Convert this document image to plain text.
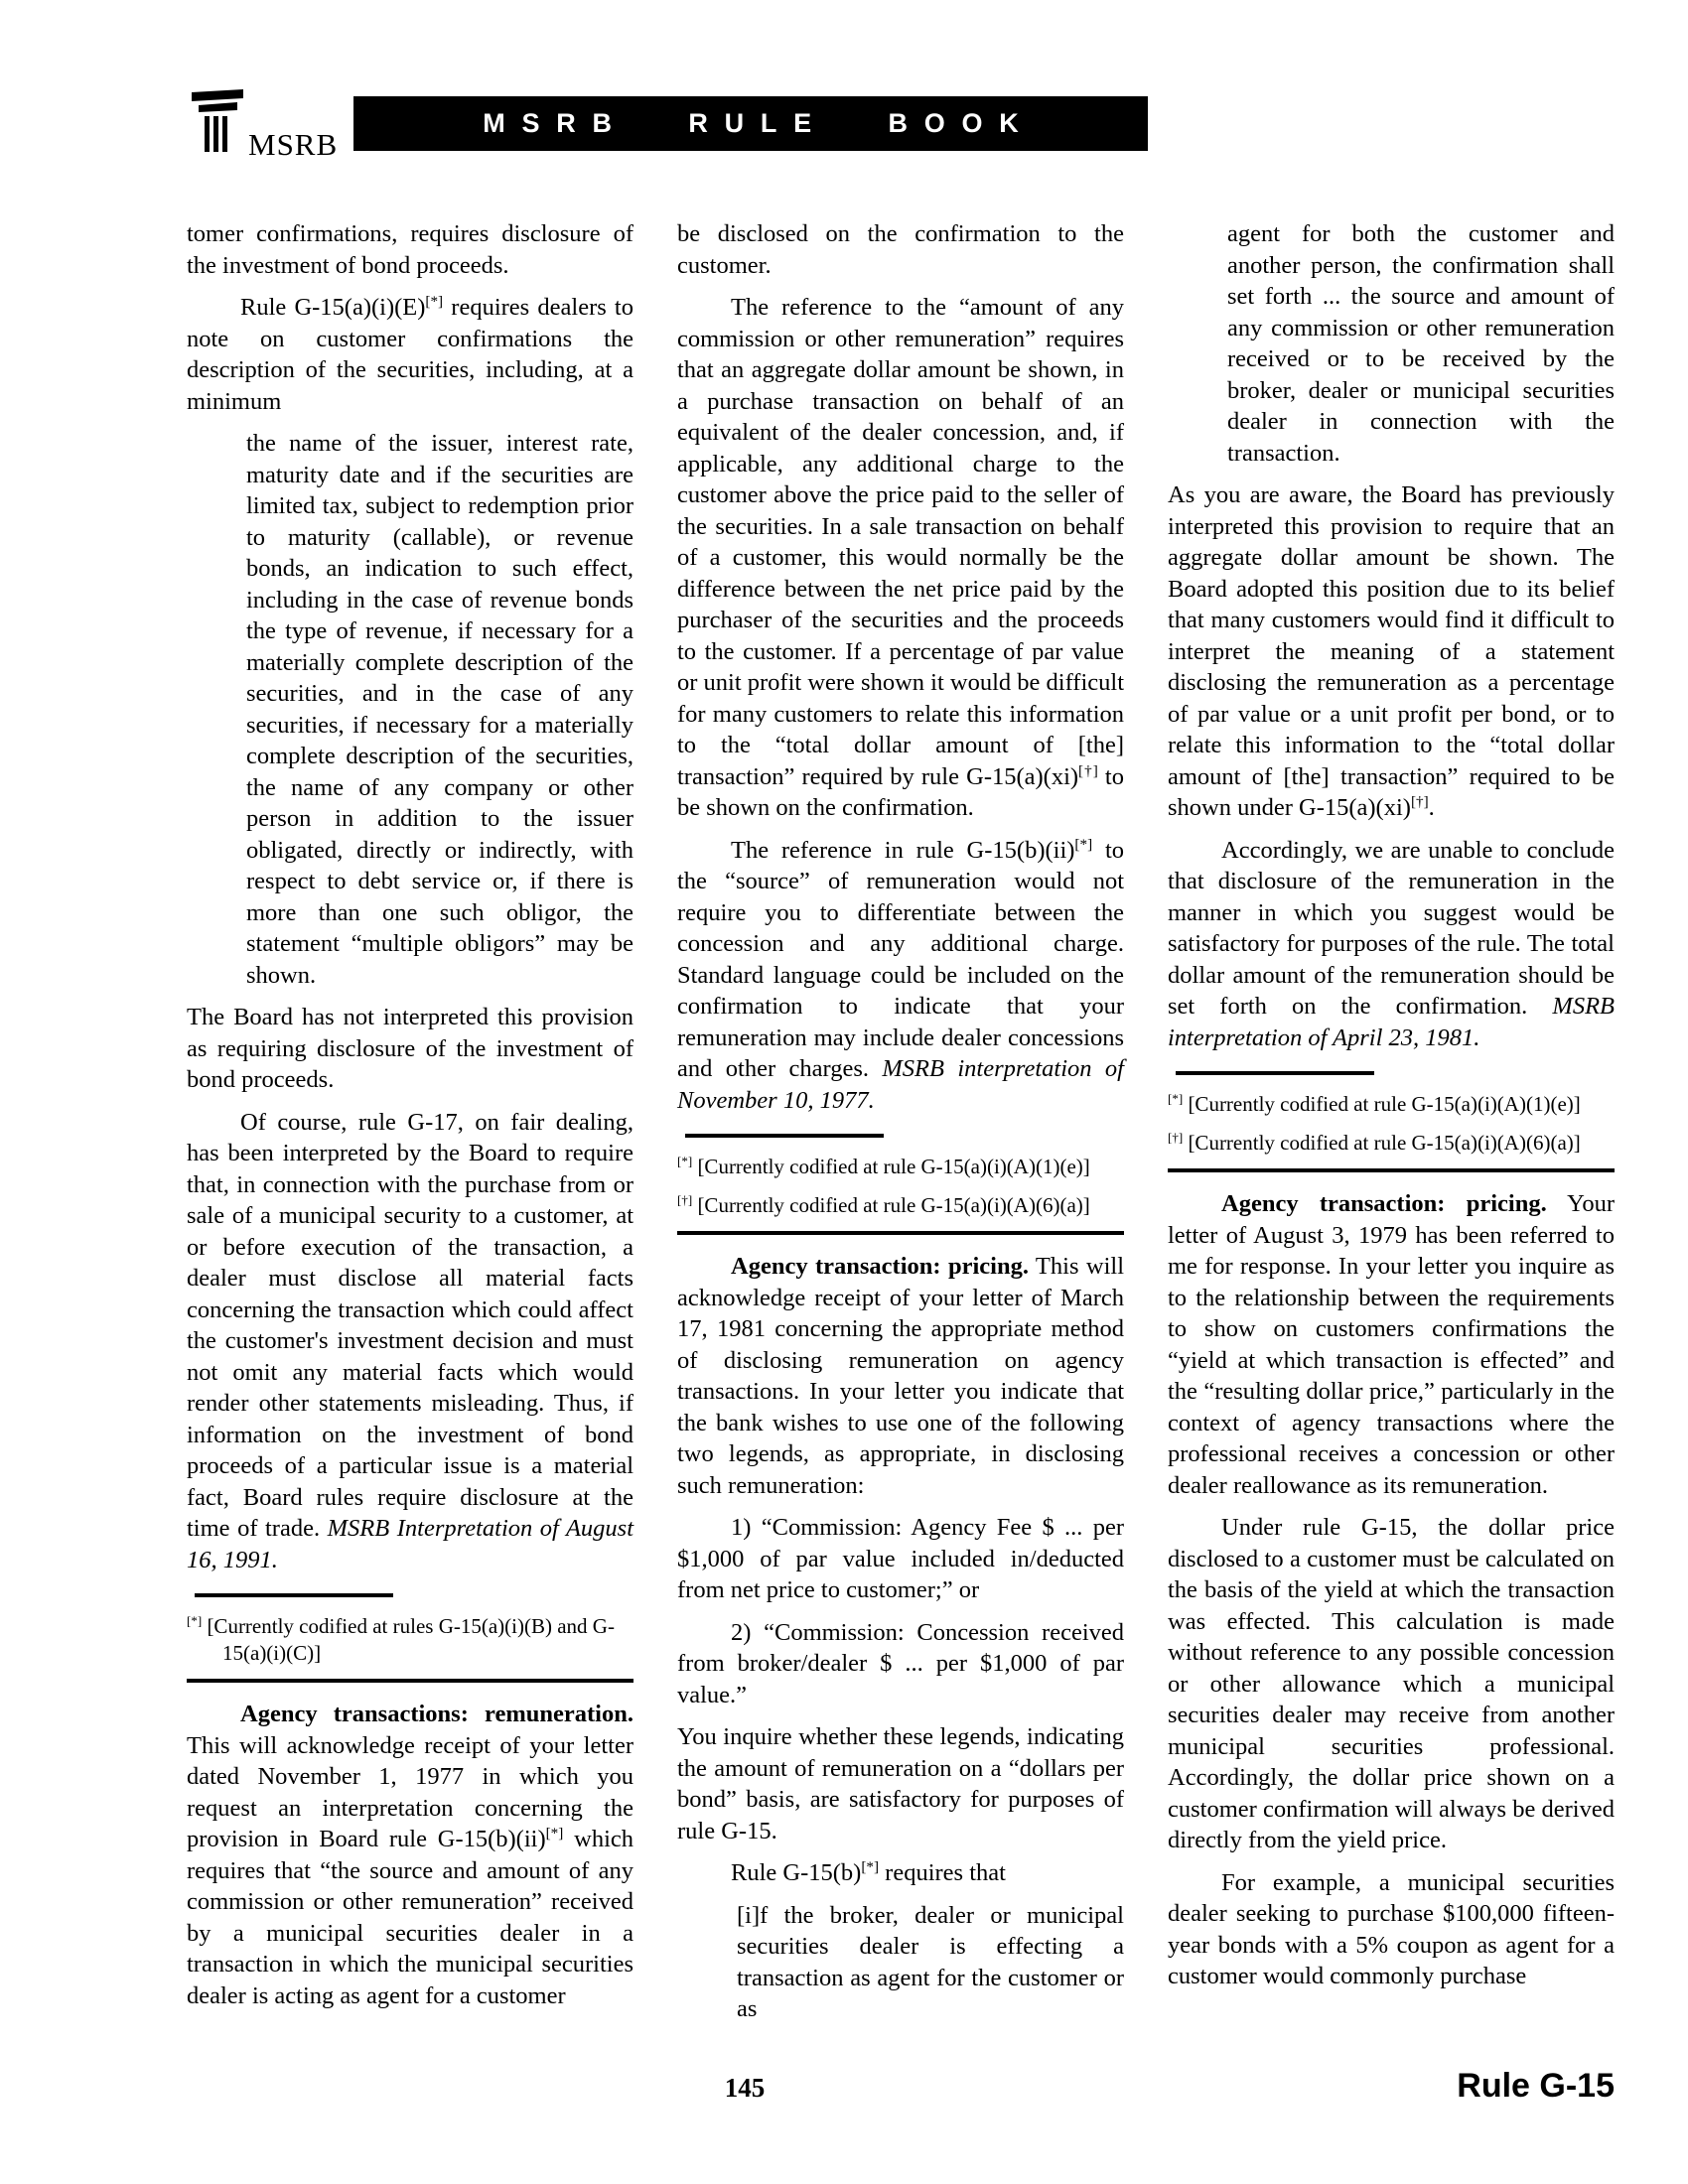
MSRB
MSRB RULE BOOK

tomer confirmations, requires disclosure of the investment of bond proceeds.

Rule G-15(a)(i)(E)[*] requires dealers to note on customer confirmations the description of the securities, including, at a minimum

the name of the issuer, interest rate, maturity date and if the securities are limited tax, subject to redemption prior to maturity (callable), or revenue bonds, an indication to such effect, including in the case of revenue bonds the type of revenue, if necessary for a materially complete description of the securities, and in the case of any securities, if necessary for a materially complete description of the securities, the name of any company or other person in addition to the issuer obligated, directly or indirectly, with respect to debt service or, if there is more than one such obligor, the statement “multiple obligors” may be shown.

The Board has not interpreted this provision as requiring disclosure of the investment of bond proceeds.

Of course, rule G-17, on fair dealing, has been interpreted by the Board to require that, in connection with the purchase from or sale of a municipal security to a customer, at or before execution of the transaction, a dealer must disclose all material facts concerning the transaction which could affect the customer's investment decision and must not omit any material facts which would render other statements misleading. Thus, if information on the investment of bond proceeds of a particular issue is a material fact, Board rules require disclosure at the time of trade. MSRB Interpretation of August 16, 1991.

[*] [Currently codified at rules G-15(a)(i)(B) and G-15(a)(i)(C)]

Agency transactions: remuneration. This will acknowledge receipt of your letter dated November 1, 1977 in which you request an interpretation concerning the provision in Board rule G-15(b)(ii)[*] which requires that “the source and amount of any commission or other remuneration” received by a municipal securities dealer in a transaction in which the municipal securities dealer is acting as agent for a customer

be disclosed on the confirmation to the customer.

The reference to the “amount of any commission or other remuneration” requires that an aggregate dollar amount be shown, in a purchase transaction on behalf of an equivalent of the dealer concession, and, if applicable, any additional charge to the customer above the price paid to the seller of the securities. In a sale transaction on behalf of a customer, this would normally be the difference between the net price paid by the purchaser of the securities and the proceeds to the customer. If a percentage of par value or unit profit were shown it would be difficult for many customers to relate this information to the “total dollar amount of [the] transaction” required by rule G-15(a)(xi)[†] to be shown on the confirmation.

The reference in rule G-15(b)(ii)[*] to the “source” of remuneration would not require you to differentiate between the concession and any additional charge. Standard language could be included on the confirmation to indicate that your remuneration may include dealer concessions and other charges. MSRB interpretation of November 10, 1977.

[*] [Currently codified at rule G-15(a)(i)(A)(1)(e)]

[†] [Currently codified at rule G-15(a)(i)(A)(6)(a)]

Agency transaction: pricing. This will acknowledge receipt of your letter of March 17, 1981 concerning the appropriate method of disclosing remuneration on agency transactions. In your letter you indicate that the bank wishes to use one of the following two legends, as appropriate, in disclosing such remuneration:

1) “Commission: Agency Fee $ ... per $1,000 of par value included in/deducted from net price to customer;” or

2) “Commission: Concession received from broker/dealer $ ... per $1,000 of par value.”

You inquire whether these legends, indicating the amount of remuneration on a “dollars per bond” basis, are satisfactory for purposes of rule G-15.

Rule G-15(b)[*] requires that

[i]f the broker, dealer or municipal securities dealer is effecting a transaction as agent for the customer or as

agent for both the customer and another person, the confirmation shall set forth ... the source and amount of any commission or other remuneration received or to be received by the broker, dealer or municipal securities dealer in connection with the transaction.

As you are aware, the Board has previously interpreted this provision to require that an aggregate dollar amount be shown. The Board adopted this position due to its belief that many customers would find it difficult to interpret the meaning of a statement disclosing the remuneration as a percentage of par value or a unit profit per bond, or to relate this information to the “total dollar amount of [the] transaction” required to be shown under G-15(a)(xi)[†].

Accordingly, we are unable to conclude that disclosure of the remuneration in the manner in which you suggest would be satisfactory for purposes of the rule. The total dollar amount of the remuneration should be set forth on the confirmation. MSRB interpretation of April 23, 1981.

[*] [Currently codified at rule G-15(a)(i)(A)(1)(e)]

[†] [Currently codified at rule G-15(a)(i)(A)(6)(a)]

Agency transaction: pricing. Your letter of August 3, 1979 has been referred to me for response. In your letter you inquire as to the relationship between the requirements to show on customers confirmations the “yield at which transaction is effected” and the “resulting dollar price,” particularly in the context of agency transactions where the professional receives a concession or other dealer reallowance as its remuneration.

Under rule G-15, the dollar price disclosed to a customer must be calculated on the basis of the yield at which the transaction was effected. This calculation is made without reference to any possible concession or other allowance which a municipal securities dealer may receive from another municipal securities professional. Accordingly, the dollar price shown on a customer confirmation will always be derived directly from the yield price.

For example, a municipal securities dealer seeking to purchase $100,000 fifteen-year bonds with a 5% coupon as agent for a customer would commonly purchase

145	Rule G-15
